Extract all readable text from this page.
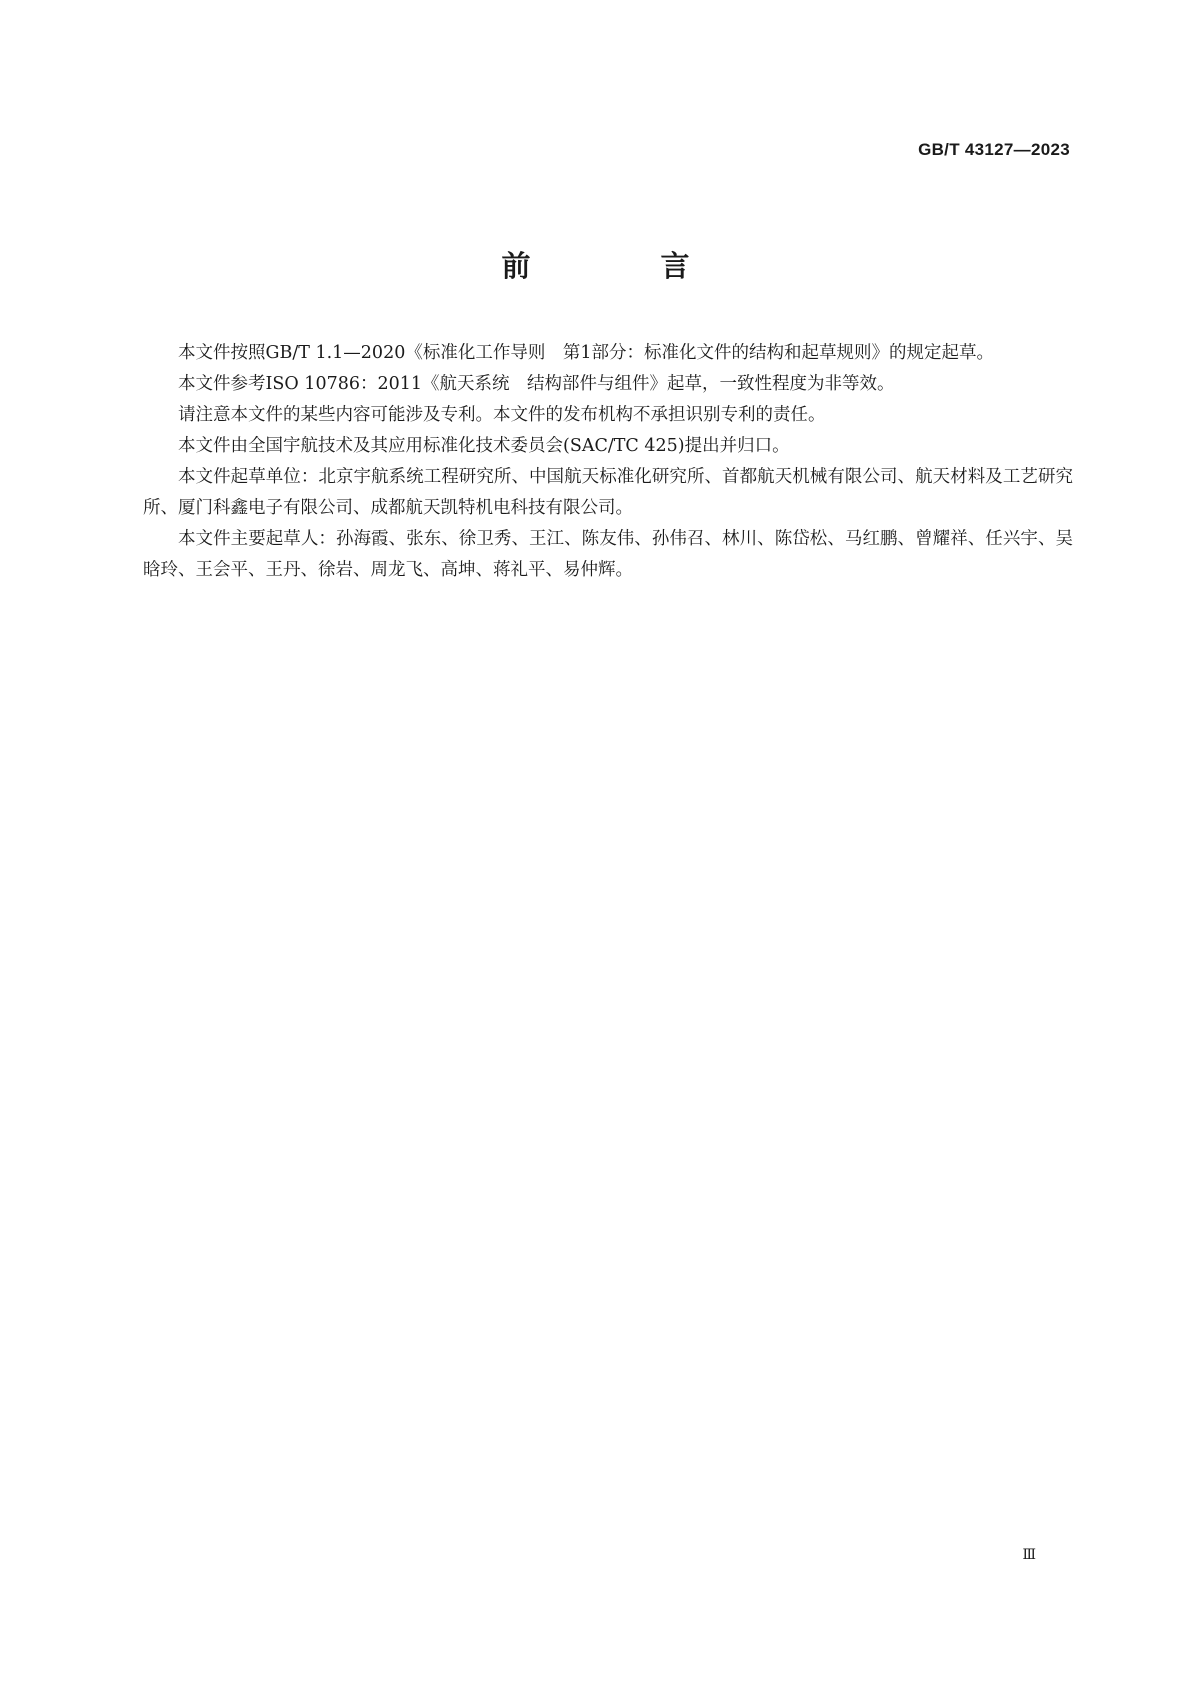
GB/T 43127—2023
前 言

本文件按照GB/T 1.1—2020《标准化工作导则　第1部分：标准化文件的结构和起草规则》的规定起草。

本文件参考ISO 10786：2011《航天系统　结构部件与组件》起草，一致性程度为非等效。

请注意本文件的某些内容可能涉及专利。本文件的发布机构不承担识别专利的责任。

本文件由全国宇航技术及其应用标准化技术委员会(SAC/TC 425)提出并归口。

本文件起草单位：北京宇航系统工程研究所、中国航天标准化研究所、首都航天机械有限公司、航天材料及工艺研究所、厦门科鑫电子有限公司、成都航天凯特机电科技有限公司。

本文件主要起草人：孙海霞、张东、徐卫秀、王江、陈友伟、孙伟召、林川、陈岱松、马红鹏、曾耀祥、任兴宇、吴晗玲、王会平、王丹、徐岩、周龙飞、高坤、蒋礼平、易仲辉。

Ⅲ
